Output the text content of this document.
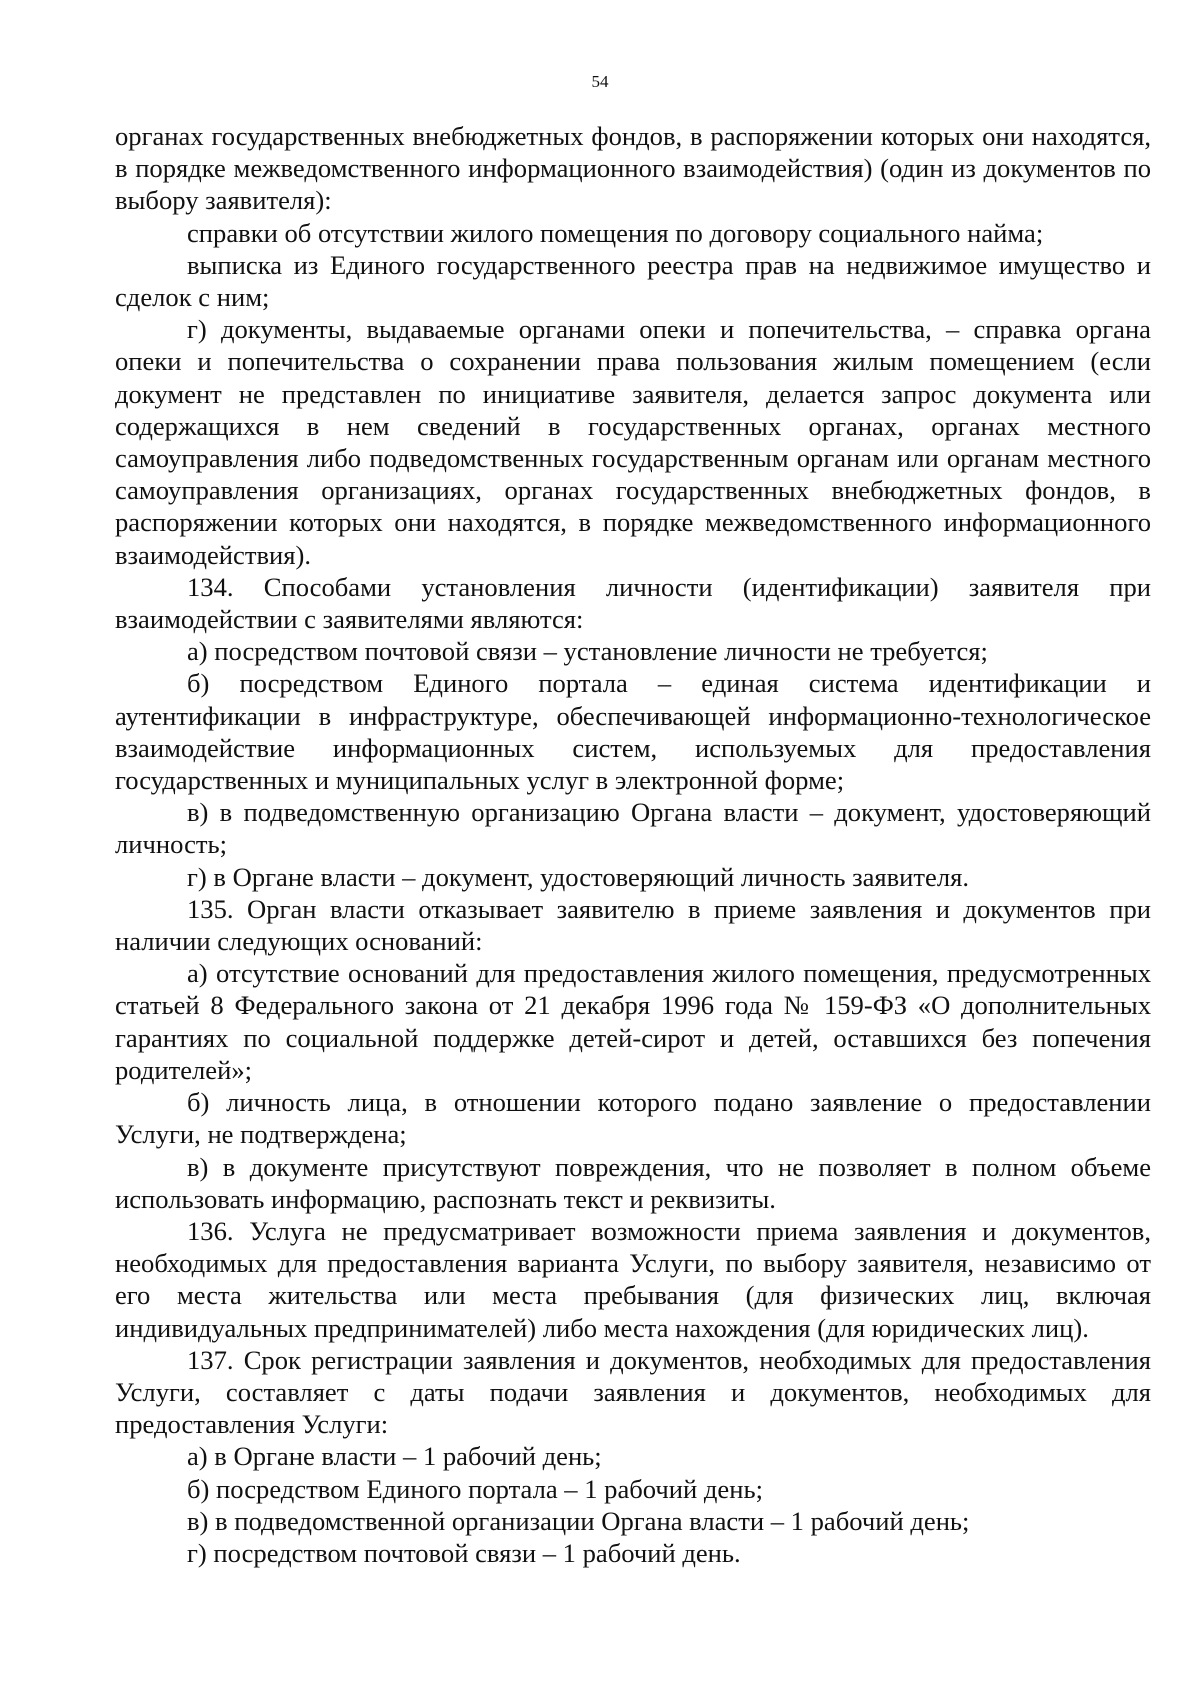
54

органах государственных внебюджетных фондов, в распоряжении которых они находятся, в порядке межведомственного информационного взаимодействия) (один из документов по выбору заявителя):

справки об отсутствии жилого помещения по договору социального найма;

выписка из Единого государственного реестра прав на недвижимое имущество и сделок с ним;

г) документы, выдаваемые органами опеки и попечительства, – справка органа опеки и попечительства о сохранении права пользования жилым помещением (если документ не представлен по инициативе заявителя, делается запрос документа или содержащихся в нем сведений в государственных органах, органах местного самоуправления либо подведомственных государственным органам или органам местного самоуправления организациях, органах государственных внебюджетных фондов, в распоряжении которых они находятся, в порядке межведомственного информационного взаимодействия).

134. Способами установления личности (идентификации) заявителя при взаимодействии с заявителями являются:

а) посредством почтовой связи – установление личности не требуется;

б) посредством Единого портала – единая система идентификации и аутентификации в инфраструктуре, обеспечивающей информационно-технологическое взаимодействие информационных систем, используемых для предоставления государственных и муниципальных услуг в электронной форме;

в) в подведомственную организацию Органа власти – документ, удостоверяющий личность;

г) в Органе власти – документ, удостоверяющий личность заявителя.

135. Орган власти отказывает заявителю в приеме заявления и документов при наличии следующих оснований:

а) отсутствие оснований для предоставления жилого помещения, предусмотренных статьей 8 Федерального закона от 21 декабря 1996 года № 159-ФЗ «О дополнительных гарантиях по социальной поддержке детей-сирот и детей, оставшихся без попечения родителей»;

б) личность лица, в отношении которого подано заявление о предоставлении Услуги, не подтверждена;

в) в документе присутствуют повреждения, что не позволяет в полном объеме использовать информацию, распознать текст и реквизиты.

136. Услуга не предусматривает возможности приема заявления и документов, необходимых для предоставления варианта Услуги, по выбору заявителя, независимо от его места жительства или места пребывания (для физических лиц, включая индивидуальных предпринимателей) либо места нахождения (для юридических лиц).

137. Срок регистрации заявления и документов, необходимых для предоставления Услуги, составляет с даты подачи заявления и документов, необходимых для предоставления Услуги:

а) в Органе власти – 1 рабочий день;

б) посредством Единого портала – 1 рабочий день;

в) в подведомственной организации Органа власти – 1 рабочий день;

г) посредством почтовой связи – 1 рабочий день.
